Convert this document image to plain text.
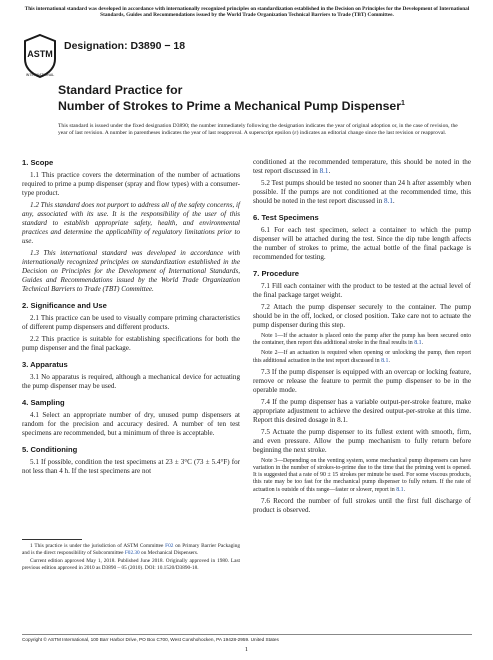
This international standard was developed in accordance with internationally recognized principles on standardization established in the Decision on Principles for the Development of International Standards, Guides and Recommendations issued by the World Trade Organization Technical Barriers to Trade (TBT) Committee.
ASTM
INTERNATIONAL
Designation: D3890 − 18
Standard Practice for
Number of Strokes to Prime a Mechanical Pump Dispenser$^1$
This standard is issued under the fixed designation D3890; the number immediately following the designation indicates the year of original adoption or, in the case of revision, the year of last revision. A number in parentheses indicates the year of last reapproval. A superscript epsilon (ε) indicates an editorial change since the last revision or reapproval.
1. Scope

1.1 This practice covers the determination of the number of actuations required to prime a pump dispenser (spray and flow types) with a consumer-type product.

1.2 This standard does not purport to address all of the safety concerns, if any, associated with its use. It is the responsibility of the user of this standard to establish appropriate safety, health, and environmental practices and determine the applicability of regulatory limitations prior to use.

1.3 This international standard was developed in accordance with internationally recognized principles on standardization established in the Decision on Principles for the Development of International Standards, Guides and Recommendations issued by the World Trade Organization Technical Barriers to Trade (TBT) Committee.

2. Significance and Use

2.1 This practice can be used to visually compare priming characteristics of different pump dispensers and different products.

2.2 This practice is suitable for establishing specifications for both the pump dispenser and the final package.

3. Apparatus

3.1 No apparatus is required, although a mechanical device for actuating the pump dispenser may be used.

4. Sampling

4.1 Select an appropriate number of dry, unused pump dispensers at random for the precision and accuracy desired. A number of ten test specimens are recommended, but a minimum of three is acceptable.

5. Conditioning

5.1 If possible, condition the test specimens at 23 ± 3°C (73 ± 5.4°F) for not less than 4 h. If the test specimens are not

conditioned at the recommended temperature, this should be noted in the test report discussed in 8.1.

5.2 Test pumps should be tested no sooner than 24 h after assembly when possible. If the pumps are not conditioned at the recommended time, this should be noted in the test report discussed in 8.1.

6. Test Specimens

6.1 For each test specimen, select a container to which the pump dispenser will be attached during the test. Since the dip tube length affects the number of strokes to prime, the actual bottle of the final package is recommended for testing.

7. Procedure

7.1 Fill each container with the product to be tested at the actual level of the final package target weight.

7.2 Attach the pump dispenser securely to the container. The pump should be in the off, locked, or closed position. Take care not to actuate the pump dispenser during this step.

Note 1—If the actuator is placed onto the pump after the pump has been secured onto the container, then report this additional stroke in the final results in 8.1.

Note 2—If an actuation is required when opening or unlocking the pump, then report this additional actuation in the test report discussed in 8.1.

7.3 If the pump dispenser is equipped with an overcap or locking feature, remove or release the feature to permit the pump dispenser to be in the operable mode.

7.4 If the pump dispenser has a variable output-per-stroke feature, make appropriate adjustment to achieve the desired output-per-stroke at this time. Report this desired dosage in 8.1.

7.5 Actuate the pump dispenser to its fullest extent with smooth, firm, and even pressure. Allow the pump mechanism to fully return before beginning the next stroke.

Note 3—Depending on the venting system, some mechanical pump dispensers can have variation in the number of strokes-to-prime due to the time that the priming vent is opened. It is suggested that a rate of 90 ± 15 strokes per minute be used. For some viscous products, this rate may be too fast for the mechanical pump dispenser to fully return. If the rate of actuation is outside of this range—faster or slower, report in 8.1.

7.6 Record the number of full strokes until the first full discharge of product is observed.

1 This practice is under the jurisdiction of ASTM Committee F02 on Primary Barrier Packaging and is the direct responsibility of Subcommittee F02.30 on Mechanical Dispensers.

Current edition approved May 1, 2018. Published June 2018. Originally approved in 1980. Last previous edition approved in 2010 as D3890 – 05 (2010). DOI: 10.1520/D3890-18.

Copyright © ASTM International, 100 Barr Harbor Drive, PO Box C700, West Conshohocken, PA 19428-2959. United States
1
